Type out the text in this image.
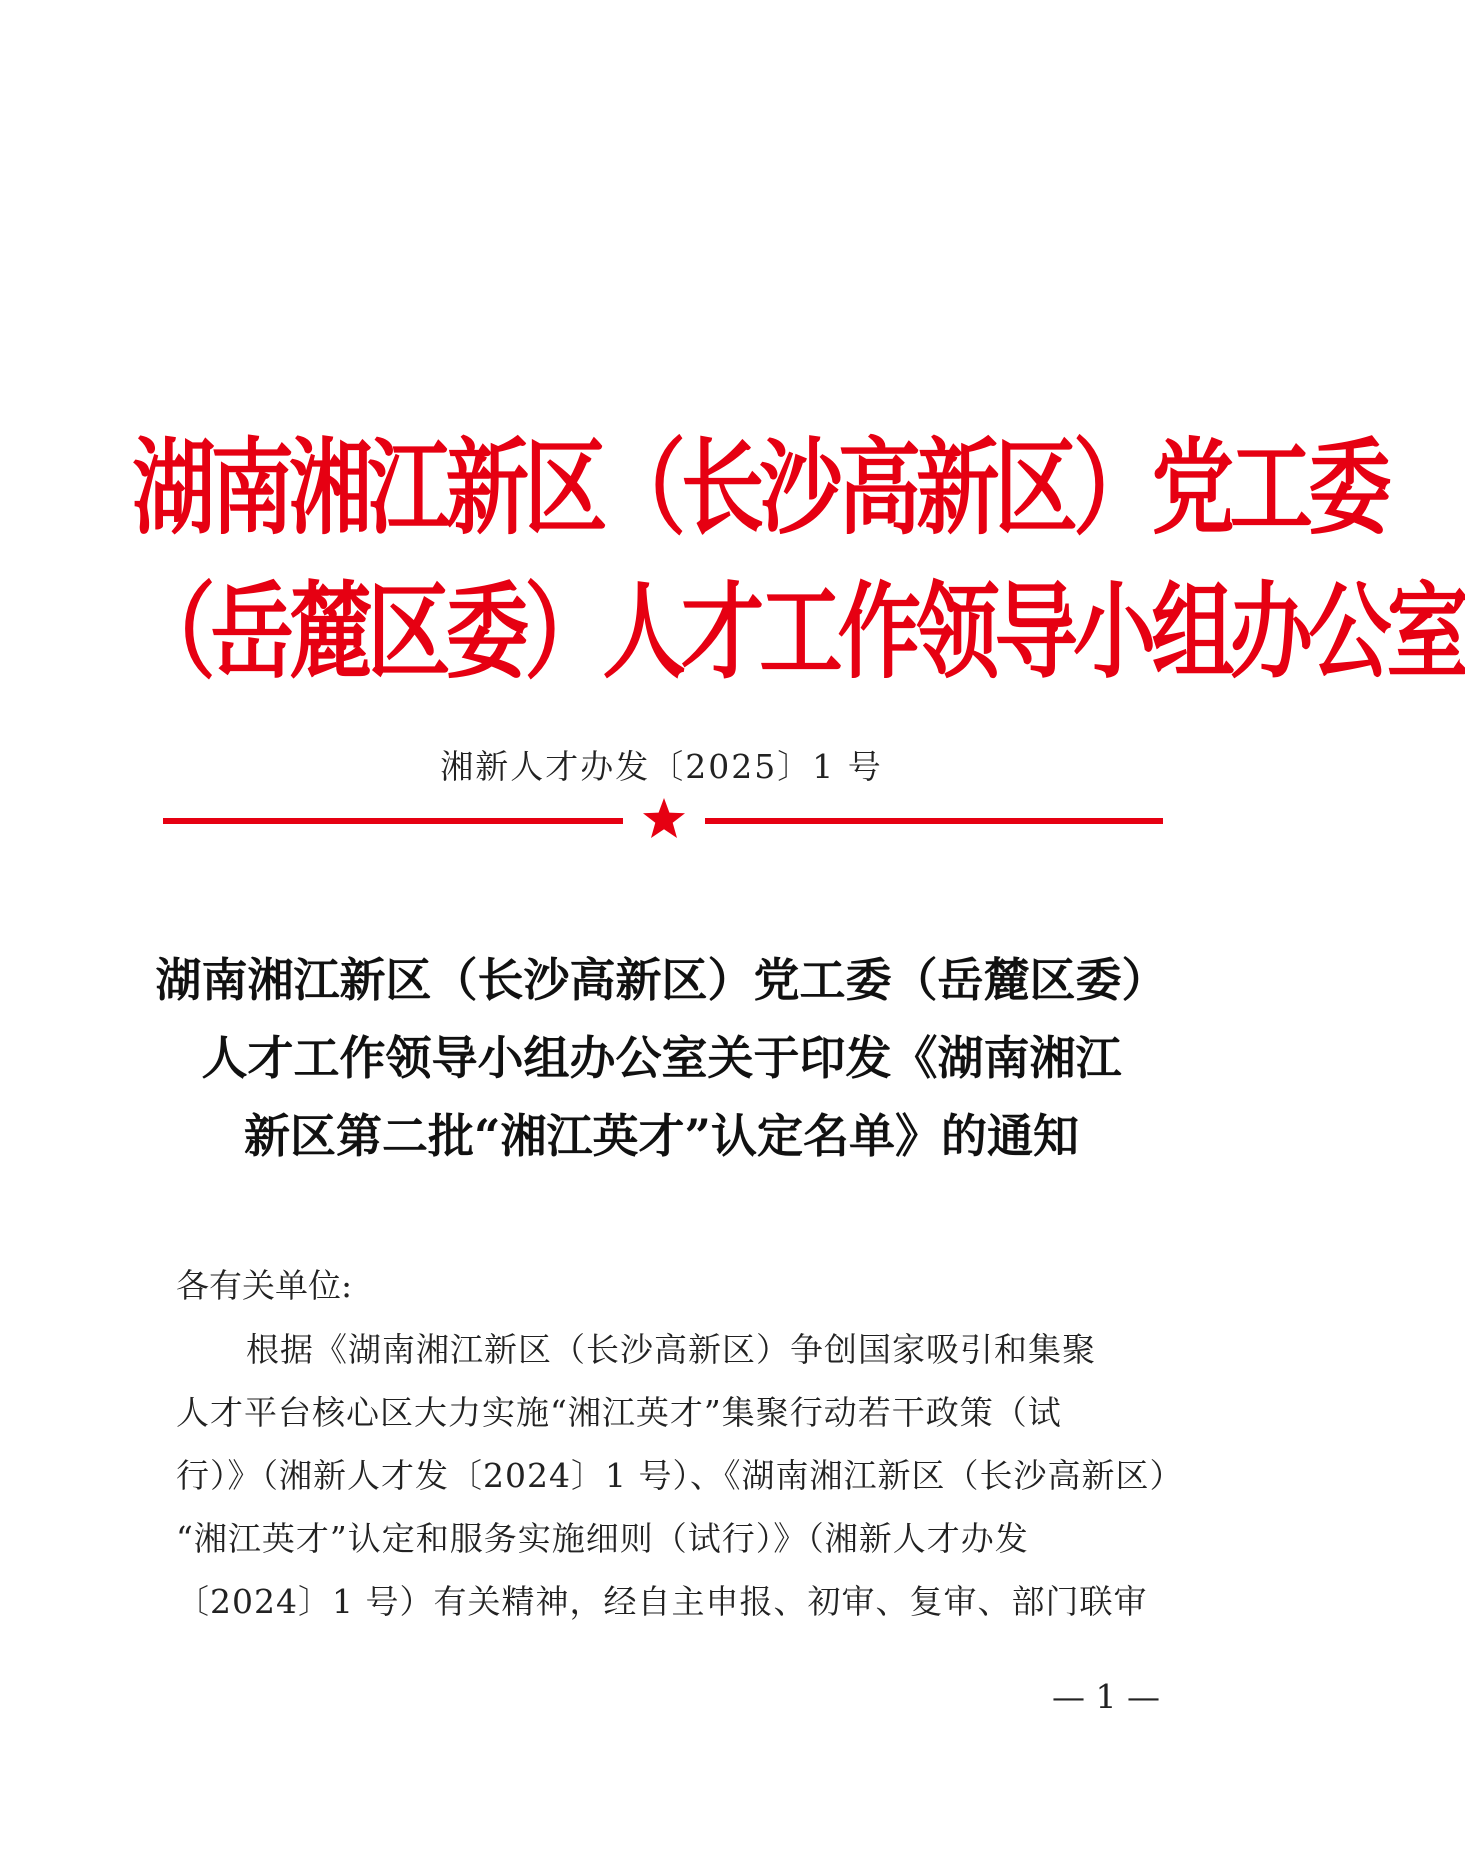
湖南湘江新区（长沙高新区）党工委
（岳麓区委）人才工作领导小组办公室
湘新人才办发〔2025〕1 号
湖南湘江新区（长沙高新区）党工委（岳麓区委）
人才工作领导小组办公室关于印发《湖南湘江
新区第二批“湘江英才”认定名单》的通知
各有关单位:
根据《湖南湘江新区（长沙高新区）争创国家吸引和集聚
人才平台核心区大力实施“湘江英才”集聚行动若干政策（试
行）》（湘新人才发〔2024〕1 号）、《湖南湘江新区（长沙高新区）
“湘江英才”认定和服务实施细则（试行）》（湘新人才办发
〔2024〕1 号）有关精神，经自主申报、初审、复审、部门联审
— 1 —
